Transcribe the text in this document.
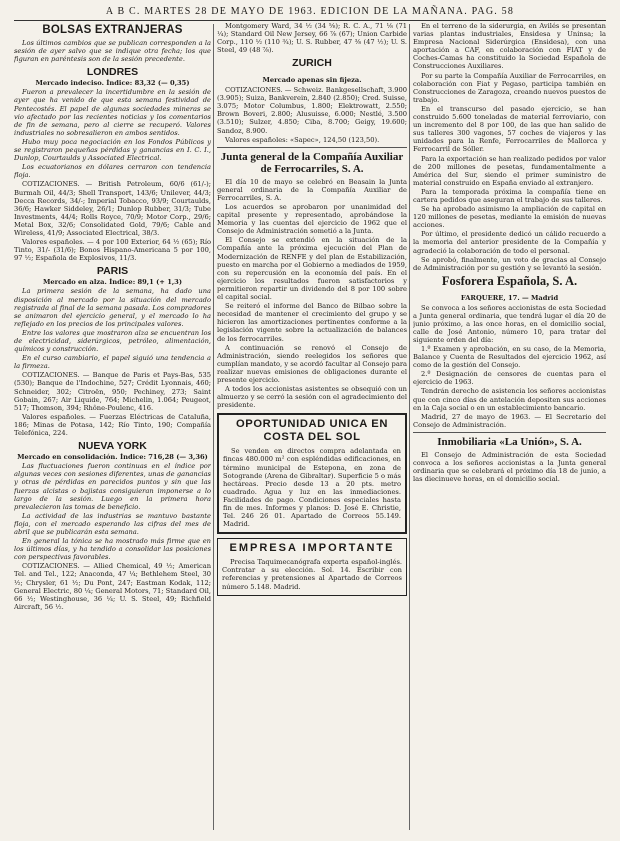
A B C. MARTES 28 DE MAYO DE 1963. EDICION DE LA MAÑANA. PAG. 58
BOLSAS EXTRANJERAS

Los últimos cambios que se publican corresponden a la sesión de ayer salvo que se indique otra fecha; los que figuran en paréntesis son de la sesión precedente.

LONDRES

Mercado indeciso. Índice: 83,32 (— 0,35)

Fueron a prevalecer la incertidumbre en la sesión de ayer que ha venido de que esta semana festividad de Pentecostés. El papel de algunas sociedades mineras se vio afectado por las recientes noticias y los comentarios de fin de semana, pero al cierre se recuperó. Valores industriales no sobresalieron en ambos sentidos.

Hubo muy poca negociación en los Fondos Públicos y se registraron pequeñas pérdidas y ganancias en I. C. I., Dunlop, Courtaulds y Associated Electrical.

Los ecuatorianos en dólares cerraron con tendencia floja.

COTIZACIONES. — British Petroleum, 60/6 (61/-); Burmah Oil, 44/3; Shell Transport, 143/6; Unilever, 44/3; Decca Records, 34/-; Imperial Tobacco, 93/9; Courtaulds, 36/6; Hawker Siddeley, 26/1; Dunlop Rubber, 31/3; Tube Investments, 44/4; Rolls Royce, 70/9; Motor Corp., 29/6; Metal Box, 32/6; Consolidated Gold, 79/6; Cable and Wireless, 41/9; Associated Electrical, 38/3.

Valores españoles. — 4 por 100 Exterior, 64 ½ (65); Río Tinto, 31/- (31/6); Bonos Hispano-Americana 5 por 100, 97 ½; Española de Explosivos, 11/3.

PARIS

Mercado en alza. Índice: 89,1 (+ 1,3)

La primera sesión de la semana, ha dado una disposición al mercado por la situación del mercado registrada al final de la semana pasada. Los compradores se animaron del ejercicio general, y el mercado lo ha reflejado en los precios de los principales valores.

Entre los valores que mostraron alza se encuentran los de electricidad, siderúrgicos, petróleo, alimentación, químicos y construcción.

En el curso cambiario, el papel siguió una tendencia a la firmeza.

COTIZACIONES. — Banque de Paris et Pays-Bas, 535 (530); Banque de l'Indochine, 527; Crédit Lyonnais, 460; Schneider, 302; Citroën, 950; Pechiney, 273; Saint Gobain, 267; Air Liquide, 764; Michelin, 1.064; Peugeot, 517; Thomson, 394; Rhône-Poulenc, 416.

Valores españoles. — Fuerzas Eléctricas de Cataluña, 186; Minas de Potasa, 142; Río Tinto, 190; Compañía Telefónica, 224.

NUEVA YORK

Mercado en consolidación. Índice: 716,28 (— 3,36)

Las fluctuaciones fueron continuas en el índice por algunas veces con sesiones diferentes, unas de ganancias y otras de pérdidas en parecidos puntos y sin que las fuerzas alcistas o bajistas consiguieran imponerse a lo largo de la sesión. Luego en la primera hora prevalecieron las tomas de beneficio.

La actividad de las industrias se mantuvo bastante floja, con el mercado esperando las cifras del mes de abril que se publicarán esta semana.

En general la tónica se ha mostrado más firme que en los últimos días, y ha tendido a consolidar las posiciones con perspectivas favorables.

COTIZACIONES. — Allied Chemical, 49 ½; American Tel. and Tel., 122; Anaconda, 47 ¼; Bethlehem Steel, 30 ½; Chrysler, 61 ½; Du Pont, 247; Eastman Kodak, 112; General Electric, 80 ¼; General Motors, 71; Standard Oil, 66 ½; Westinghouse, 36 ¼; U. S. Steel, 49; Richfield Aircraft, 56 ½.

Montgomery Ward, 34 ½ (34 ⅝); R. C. A., 71 ⅛ (71 ¼); Standard Oil New Jersey, 66 ⅞ (67); Union Carbide Corp., 110 ½ (110 ¾); U. S. Rubber, 47 ⅜ (47 ½); U. S. Steel, 49 (48 ⅞).

ZURICH

Mercado apenas sin fijeza.

COTIZACIONES. — Schweiz. Bankgesellschaft, 3.900 (3.905); Suiza, Bankverein, 2.840 (2.850); Cred. Suisse, 3.075; Motor Columbus, 1.800; Elektrowatt, 2.550; Brown Boveri, 2.800; Alusuisse, 6.000; Nestlé, 3.500 (3.510); Sulzer, 4.850; Ciba, 8.700; Geigy, 19.600; Sandoz, 8.900.

Valores españoles: «Sapec», 124,50 (123,50).

Junta general de la Compañía Auxiliar de Ferrocarriles, S. A.

El día 10 de mayo se celebró en Beasain la Junta general ordinaria de la Compañía Auxiliar de Ferrocarriles, S. A.

Los acuerdos se aprobaron por unanimidad del capital presente y representado, aprobándose la Memoria y las cuentas del ejercicio de 1962 que el Consejo de Administración sometió a la Junta.

El Consejo se extendió en la situación de la Compañía ante la próxima ejecución del Plan de Modernización de RENFE y del plan de Estabilización, puesto en marcha por el Gobierno a mediados de 1959, con su repercusión en la economía del país. En el ejercicio los resultados fueron satisfactorios y permitieron repartir un dividendo del 8 por 100 sobre el capital social.

Se reiteró el informe del Banco de Bilbao sobre la necesidad de mantener el crecimiento del grupo y se hicieron las amortizaciones pertinentes conforme a la legislación vigente sobre la actualización de balances de los ferrocarriles.

A continuación se renovó el Consejo de Administración, siendo reelegidos los señores que cumplían mandato, y se acordó facultar al Consejo para realizar nuevas emisiones de obligaciones durante el presente ejercicio.

A todos los accionistas asistentes se obsequió con un almuerzo y se cerró la sesión con el agradecimiento del presidente.

OPORTUNIDAD UNICA EN COSTA DEL SOL

Se venden en directos compra adelantada en fincas 480.000 m² con espléndidas edificaciones, en término municipal de Estepona, en zona de Sotogrande (Arena de Gibraltar). Superficie 5 o más hectáreas. Precio desde 13 a 20 pts. metro cuadrado. Agua y luz en las inmediaciones. Facilidades de pago. Condiciones especiales hasta fin de mes. Informes y planos: D. José E. Christie, Tel. 246 26 01. Apartado de Correos 55.149. Madrid.

EMPRESA IMPORTANTE

Precisa Taquimecanógrafa experta español-inglés. Contratar a su elección. Sol. 14. Escribir con referencias y pretensiones al Apartado de Correos número 5.148. Madrid.

En el terreno de la siderurgia, en Avilés se presentan varias plantas industriales, Ensidesa y Uninsa; la Empresa Nacional Siderúrgica (Ensidesa), con una aportación a CAF, en colaboración con FIAT y de Coches-Camas ha constituido la Sociedad Española de Construcciones Auxiliares.

Por su parte la Compañía Auxiliar de Ferrocarriles, en colaboración con Fiat y Pegaso, participa también en Construcciones de Zaragoza, creando nuevos puestos de trabajo.

En el transcurso del pasado ejercicio, se han construido 5.600 toneladas de material ferroviario, con un incremento del 8 por 100, de las que han salido de sus talleres 300 vagones, 57 coches de viajeros y las unidades para la Renfe, Ferrocarriles de Mallorca y Ferrocarril de Sóller.

Para la exportación se han realizado pedidos por valor de 200 millones de pesetas, fundamentalmente a América del Sur, siendo el primer suministro de material construido en España enviado al extranjero.

Para la temporada próxima la compañía tiene en cartera pedidos que aseguran el trabajo de sus talleres.

Se ha aprobado asimismo la ampliación de capital en 120 millones de pesetas, mediante la emisión de nuevas acciones.

Por último, el presidente dedicó un cálido recuerdo a la memoria del anterior presidente de la Compañía y agradeció la colaboración de todo el personal.

Se aprobó, finalmente, un voto de gracias al Consejo de Administración por su gestión y se levantó la sesión.

Fosforera Española, S. A.

FARQUERE, 17. — Madrid

Se convoca a los señores accionistas de esta Sociedad a Junta general ordinaria, que tendrá lugar el día 20 de junio próximo, a las once horas, en el domicilio social, calle de José Antonio, número 10, para tratar del siguiente orden del día:

1.º Examen y aprobación, en su caso, de la Memoria, Balance y Cuenta de Resultados del ejercicio 1962, así como de la gestión del Consejo.

2.º Designación de censores de cuentas para el ejercicio de 1963.

Tendrán derecho de asistencia los señores accionistas que con cinco días de antelación depositen sus acciones en la Caja social o en un establecimiento bancario.

Madrid, 27 de mayo de 1963. — El Secretario del Consejo de Administración.

Inmobiliaria «La Unión», S. A.

El Consejo de Administración de esta Sociedad convoca a los señores accionistas a la Junta general ordinaria que se celebrará el próximo día 18 de junio, a las diecinueve horas, en el domicilio social.
